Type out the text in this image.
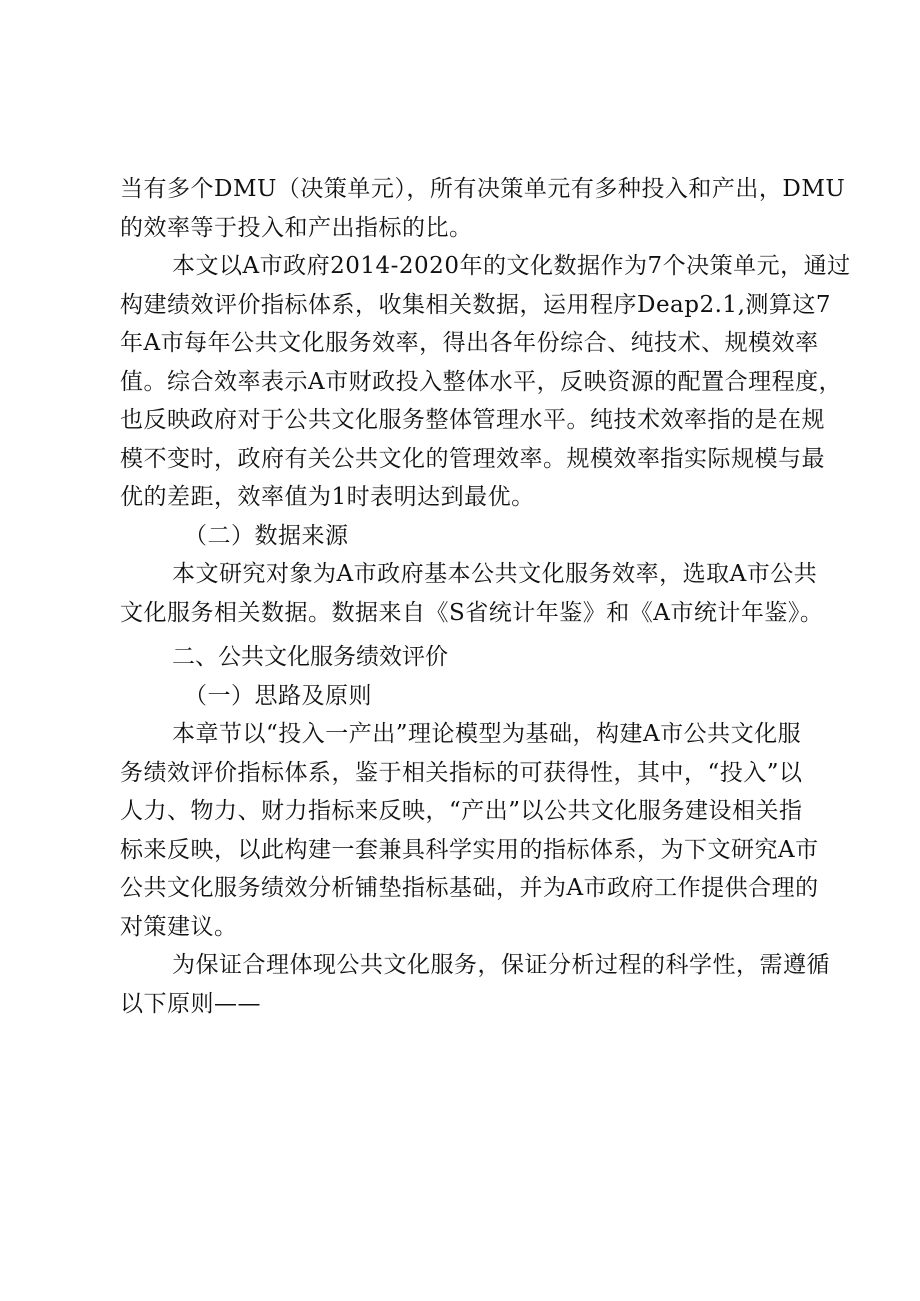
当有多个DMU（决策单元），所有决策单元有多种投入和产出，DMU
的效率等于投入和产出指标的比。
本文以A市政府2014-2020年的文化数据作为7个决策单元，通过
构建绩效评价指标体系，收集相关数据，运用程序Deap2.1,测算这7
年A市每年公共文化服务效率，得出各年份综合、纯技术、规模效率
值。综合效率表示A市财政投入整体水平，反映资源的配置合理程度，
也反映政府对于公共文化服务整体管理水平。纯技术效率指的是在规
模不变时，政府有关公共文化的管理效率。规模效率指实际规模与最
优的差距，效率值为1时表明达到最优。
（二）数据来源
本文研究对象为A市政府基本公共文化服务效率，选取A市公共
文化服务相关数据。数据来自《S省统计年鉴》和《A市统计年鉴》。
二、公共文化服务绩效评价
（一）思路及原则
本章节以“投入一产出”理论模型为基础，构建A市公共文化服
务绩效评价指标体系，鉴于相关指标的可获得性，其中，“投入”以
人力、物力、财力指标来反映，“产出”以公共文化服务建设相关指
标来反映，以此构建一套兼具科学实用的指标体系，为下文研究A市
公共文化服务绩效分析铺垫指标基础，并为A市政府工作提供合理的
对策建议。
为保证合理体现公共文化服务，保证分析过程的科学性，需遵循
以下原则——
